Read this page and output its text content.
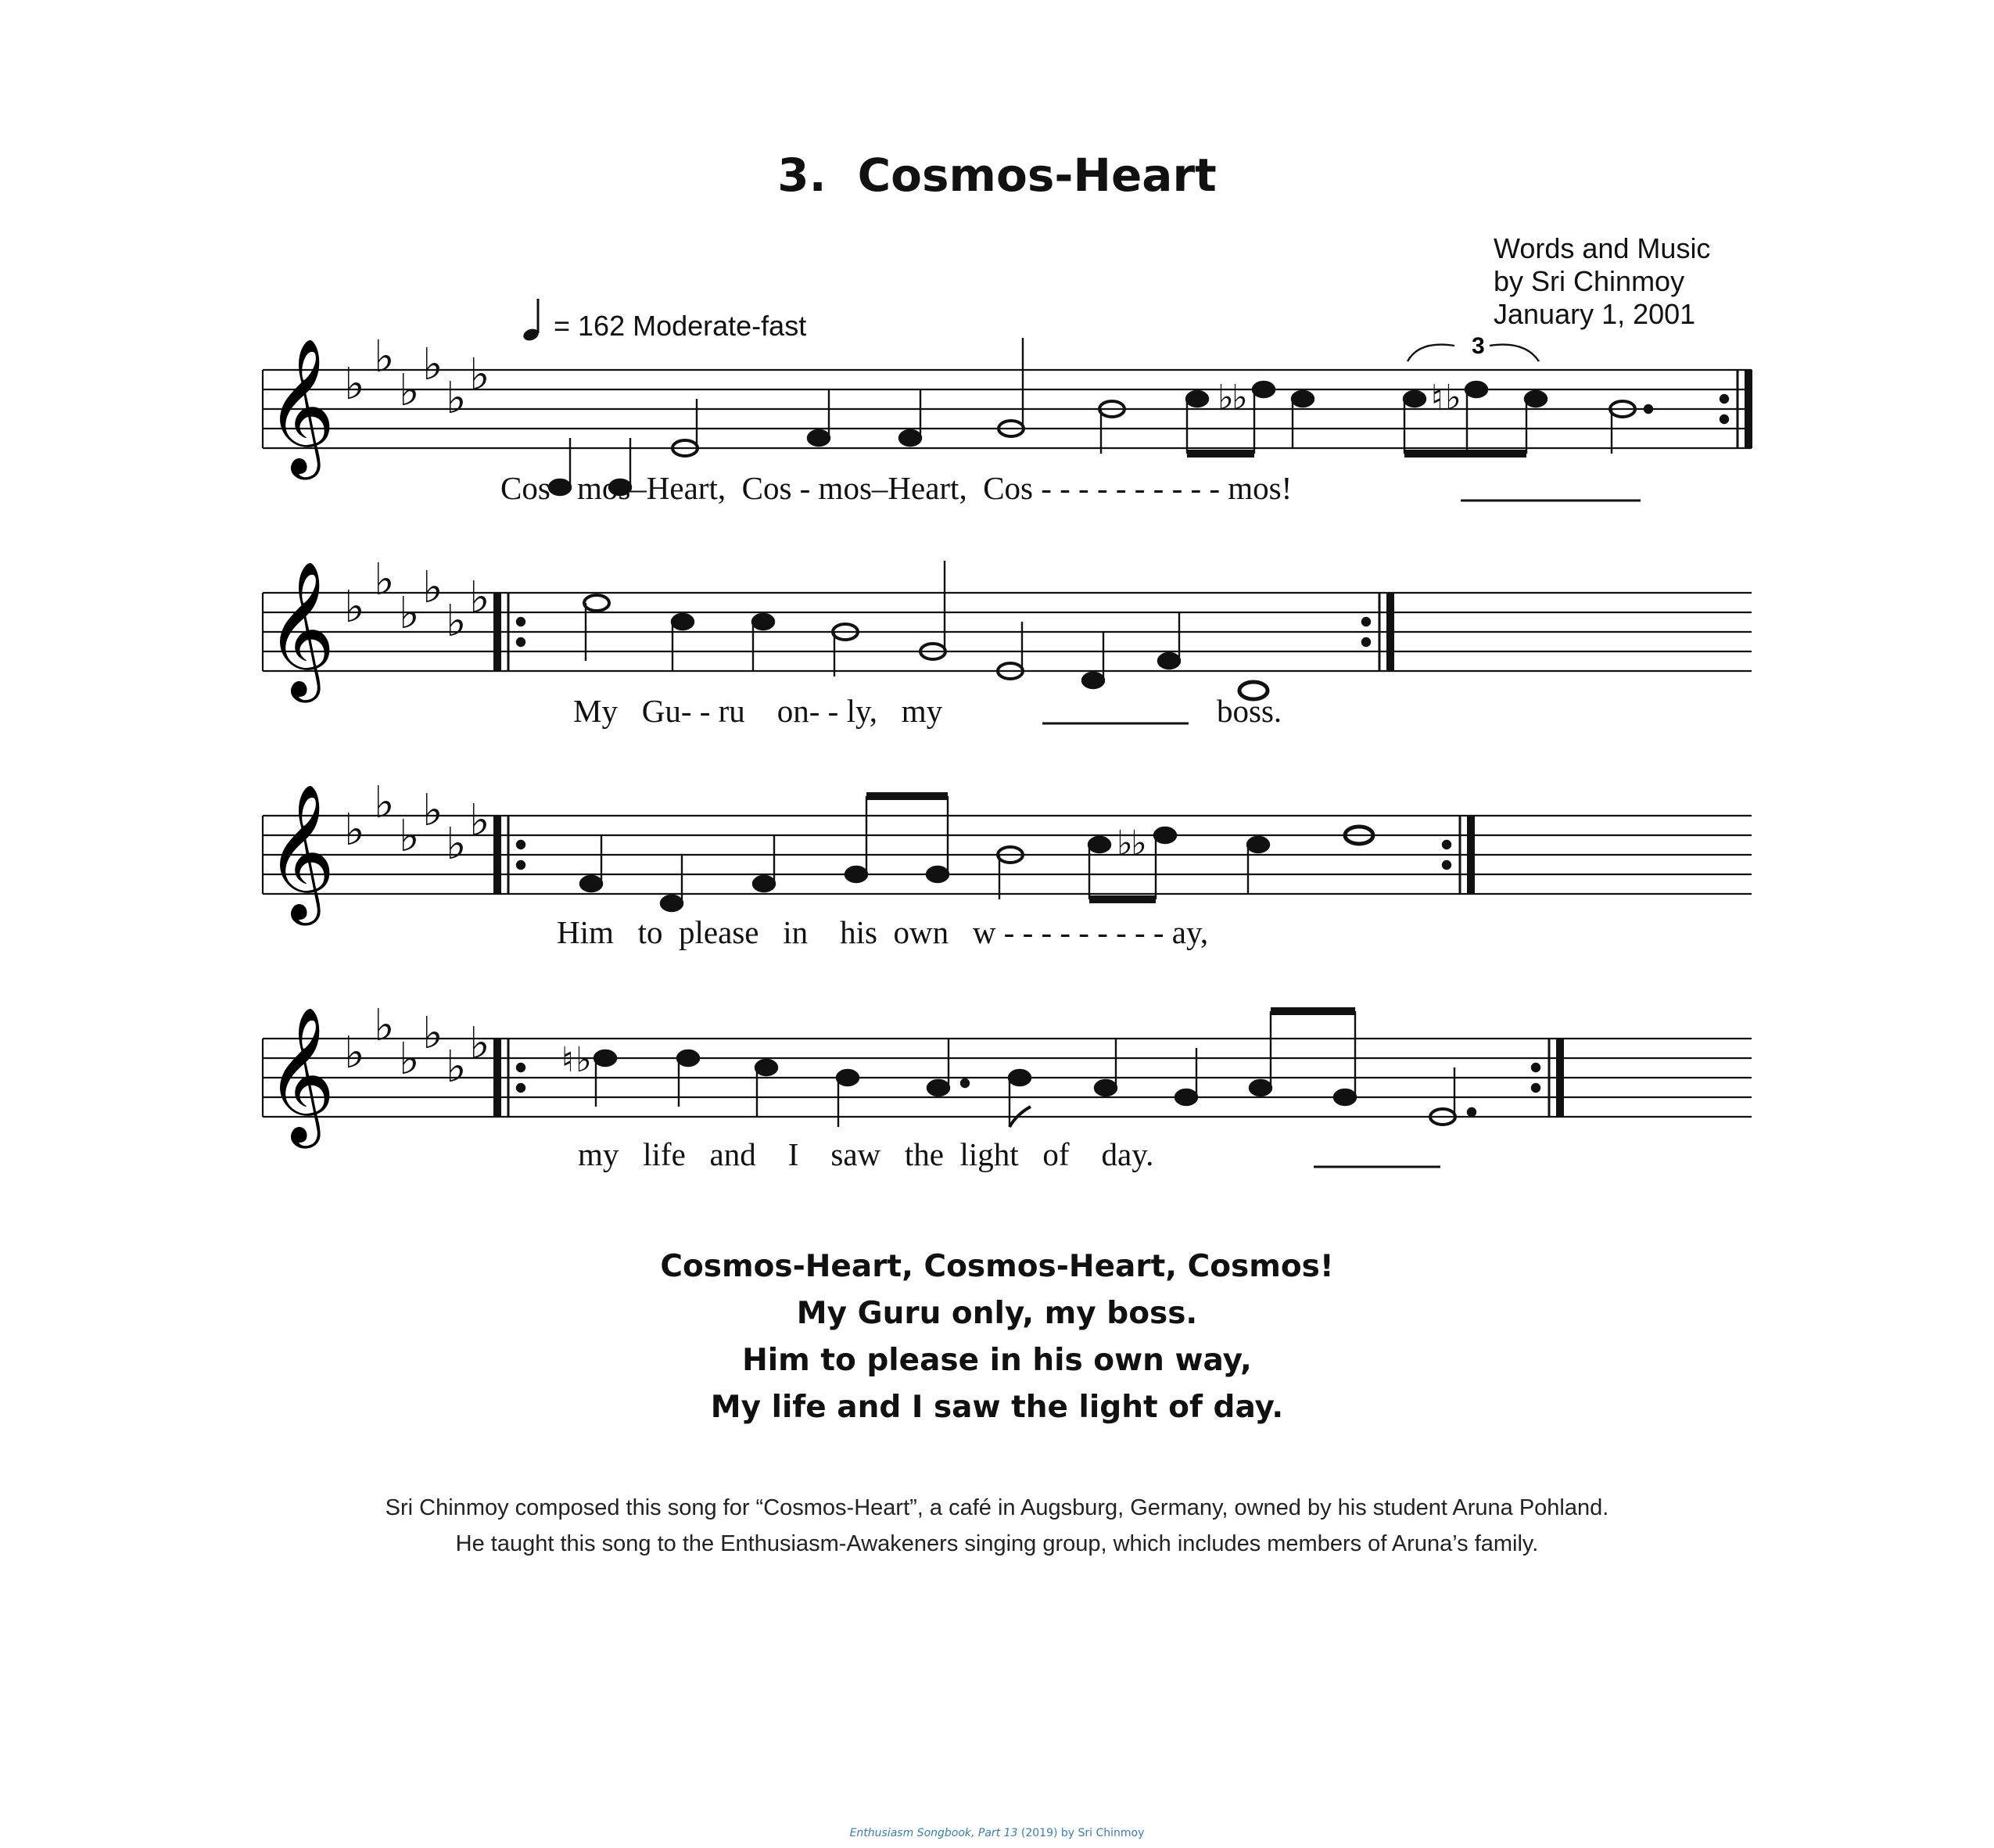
3. Cosmos-Heart
Words and Music
by Sri Chinmoy
January 1, 2001
= 162 Moderate-fast
𝄞 ♭
♭
♭
♭
♭ ♭	♭
♭	♮ ♭
3
Cos - mos–Heart,  Cos - mos–Heart,  Cos - - - - - - - - - - mos!
𝄞 ♭
♭
♭
♭
♭ ♭
My   Gu- - ru    on- - ly,   my	boss.
𝄞 ♭
♭
♭
♭
♭ ♭	♭
♭
Him   to  please   in    his  own   w - - - - - - - - - ay,
𝄞 ♭
♭
♭
♭
♭ ♭ ♮ ♭
my   life   and    I    saw   the  light   of    day.
Cosmos-Heart, Cosmos-Heart, Cosmos!
My Guru only, my boss.
Him to please in his own way,
My life and I saw the light of day.
Sri Chinmoy composed this song for “Cosmos-Heart”, a café in Augsburg, Germany, owned by his student Aruna Pohland.
He taught this song to the Enthusiasm-Awakeners singing group, which includes members of Aruna’s family.
Enthusiasm Songbook, Part 13 (2019) by Sri Chinmoy
